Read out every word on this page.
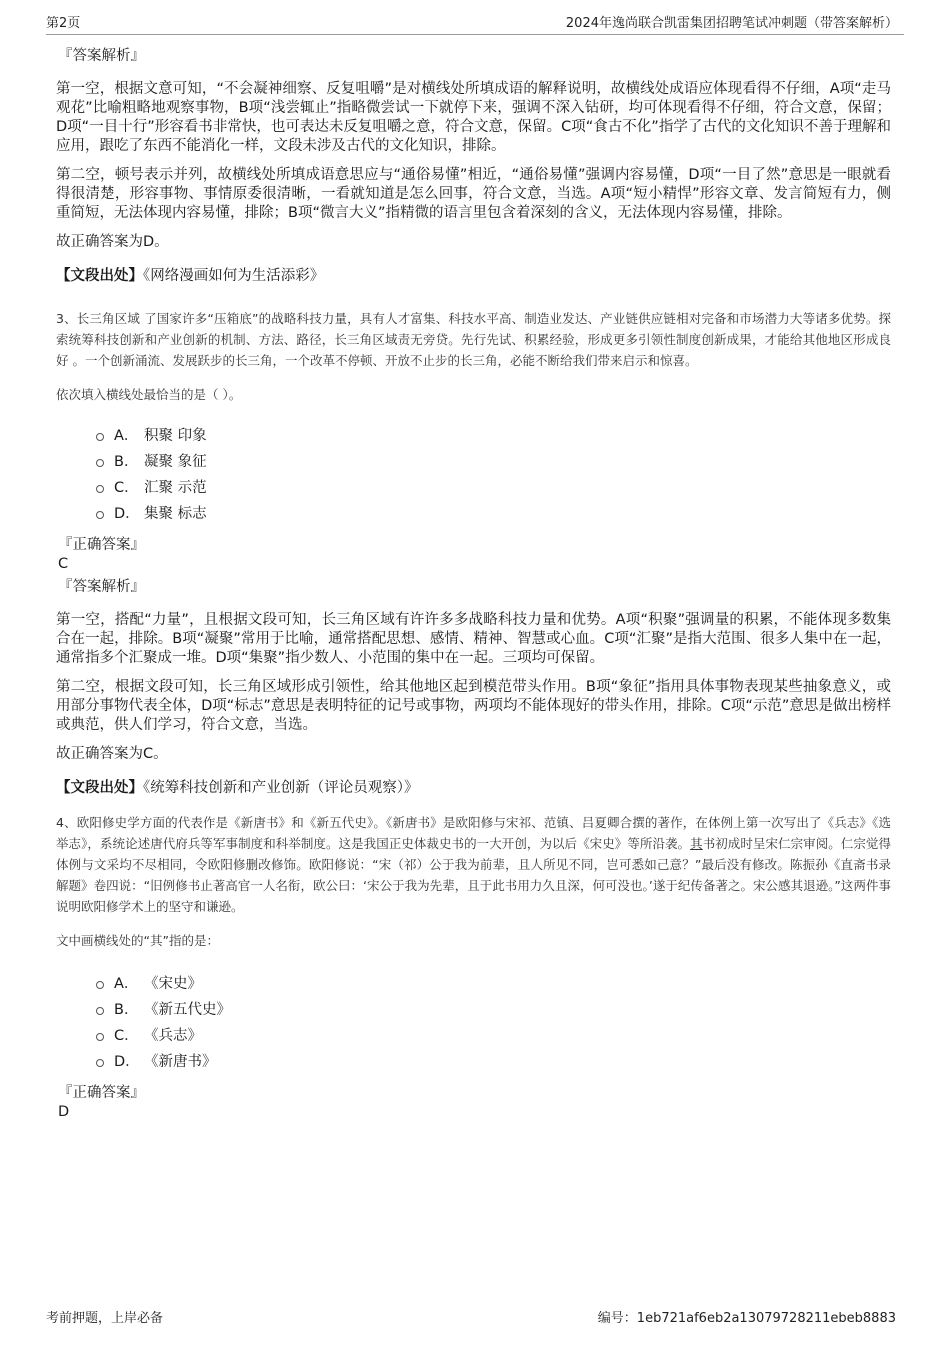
第2页	2024年逸尚联合凯雷集团招聘笔试冲刺题（带答案解析）
『答案解析』

第一空，根据文意可知，“不会凝神细察、反复咀嚼”是对横线处所填成语的解释说明，故横线处成语应体现看得不仔细，A项“走马观花”比喻粗略地观察事物，B项“浅尝辄止”指略微尝试一下就停下来，强调不深入钻研，均可体现看得不仔细，符合文意，保留；D项“一目十行”形容看书非常快，也可表达未反复咀嚼之意，符合文意，保留。C项“食古不化”指学了古代的文化知识不善于理解和应用，跟吃了东西不能消化一样，文段未涉及古代的文化知识，排除。

第二空，顿号表示并列，故横线处所填成语意思应与“通俗易懂”相近，“通俗易懂”强调内容易懂，D项“一目了然”意思是一眼就看得很清楚，形容事物、事情原委很清晰，一看就知道是怎么回事，符合文意，当选。A项“短小精悍”形容文章、发言简短有力，侧重简短，无法体现内容易懂，排除；B项“微言大义”指精微的语言里包含着深刻的含义，无法体现内容易懂，排除。

故正确答案为D。

【文段出处】《网络漫画如何为生活添彩》

3、长三角区域 了国家许多“压箱底”的战略科技力量，具有人才富集、科技水平高、制造业发达、产业链供应链相对完备和市场潜力大等诸多优势。探索统筹科技创新和产业创新的机制、方法、路径，长三角区域责无旁贷。先行先试、积累经验，形成更多引领性制度创新成果，才能给其他地区形成良好 。一个创新涌流、发展跃步的长三角，一个改革不停顿、开放不止步的长三角，必能不断给我们带来启示和惊喜。

依次填入横线处最恰当的是（ ）。
A． 积聚 印象
B． 凝聚 象征
C． 汇聚 示范
D． 集聚 标志
『正确答案』
C
『答案解析』

第一空，搭配“力量”，且根据文段可知，长三角区域有许许多多战略科技力量和优势。A项“积聚”强调量的积累，不能体现多数集合在一起，排除。B项“凝聚”常用于比喻，通常搭配思想、感情、精神、智慧或心血。C项“汇聚”是指大范围、很多人集中在一起，通常指多个汇聚成一堆。D项“集聚”指少数人、小范围的集中在一起。三项均可保留。

第二空，根据文段可知，长三角区域形成引领性，给其他地区起到模范带头作用。B项“象征”指用具体事物表现某些抽象意义，或用部分事物代表全体，D项“标志”意思是表明特征的记号或事物，两项均不能体现好的带头作用，排除。C项“示范”意思是做出榜样或典范，供人们学习，符合文意，当选。

故正确答案为C。

【文段出处】《统筹科技创新和产业创新（评论员观察）》

4、欧阳修史学方面的代表作是《新唐书》和《新五代史》。《新唐书》是欧阳修与宋祁、范镇、吕夏卿合撰的著作，在体例上第一次写出了《兵志》《选举志》，系统论述唐代府兵等军事制度和科举制度。这是我国正史体裁史书的一大开创，为以后《宋史》等所沿袭。其书初成时呈宋仁宗审阅。仁宗觉得体例与文采均不尽相同，令欧阳修删改修饰。欧阳修说：“宋（祁）公于我为前辈，且人所见不同，岂可悉如己意？”最后没有修改。陈振孙《直斋书录解题》卷四说：“旧例修书止著高官一人名衔，欧公曰：‘宋公于我为先辈，且于此书用力久且深，何可没也。’遂于纪传备著之。宋公感其退逊。”这两件事说明欧阳修学术上的坚守和谦逊。

文中画横线处的“其”指的是：
A． 《宋史》
B． 《新五代史》
C． 《兵志》
D． 《新唐书》
『正确答案』
D
考前押题，上岸必备	编号：1eb721af6eb2a13079728211ebeb8883
